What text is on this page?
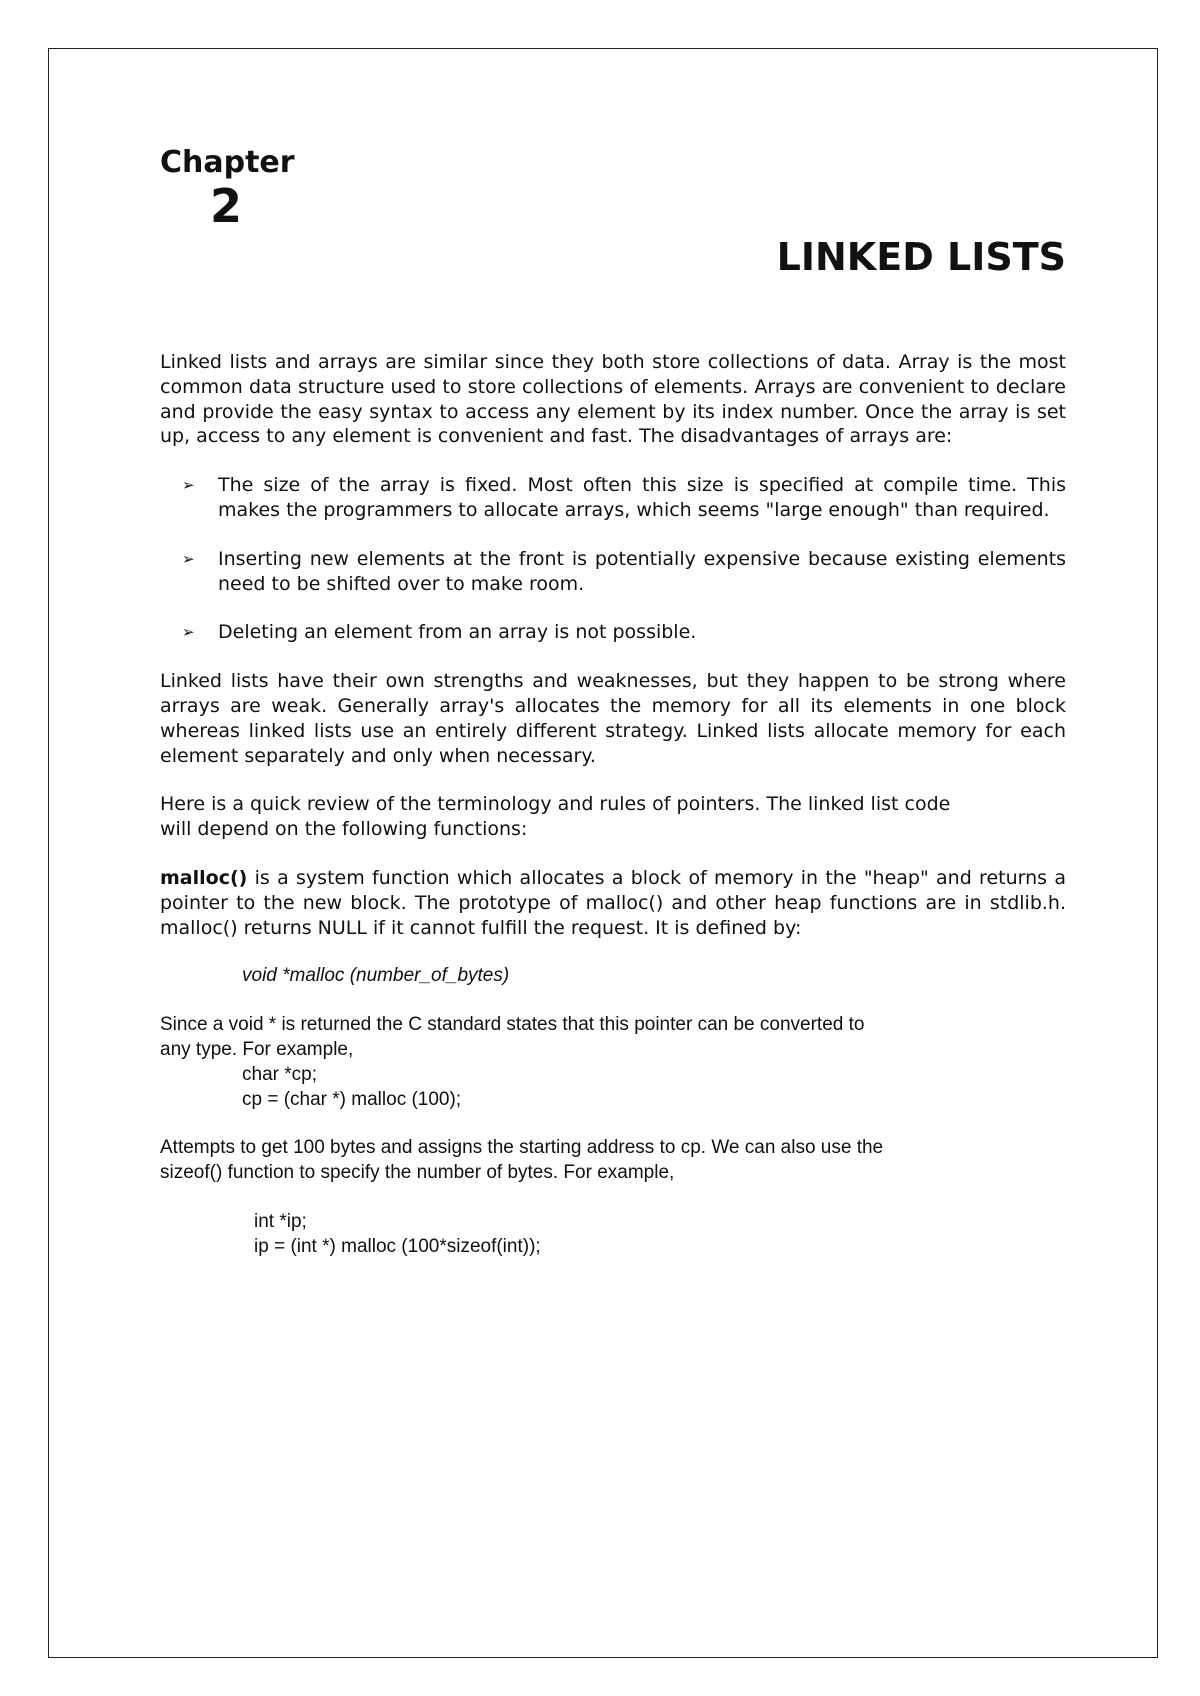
Chapter

2

LINKED LISTS

Linked lists and arrays are similar since they both store collections of data. Array is the most common data structure used to store collections of elements. Arrays are convenient to declare and provide the easy syntax to access any element by its index number. Once the array is set up, access to any element is convenient and fast. The disadvantages of arrays are:

➢ The size of the array is fixed. Most often this size is specified at compile time. This makes the programmers to allocate arrays, which seems "large enough" than required.
➢ Inserting new elements at the front is potentially expensive because existing elements need to be shifted over to make room.
➢ Deleting an element from an array is not possible.

Linked lists have their own strengths and weaknesses, but they happen to be strong where arrays are weak. Generally array's allocates the memory for all its elements in one block whereas linked lists use an entirely different strategy. Linked lists allocate memory for each element separately and only when necessary.

Here is a quick review of the terminology and rules of pointers. The linked list code

will depend on the following functions:

malloc() is a system function which allocates a block of memory in the "heap" and returns a pointer to the new block. The prototype of malloc() and other heap functions are in stdlib.h. malloc() returns NULL if it cannot fulfill the request. It is defined by:

void *malloc (number_of_bytes)

Since a void * is returned the C standard states that this pointer can be converted to

any type. For example,

char *cp;

cp = (char *) malloc (100);

Attempts to get 100 bytes and assigns the starting address to cp. We can also use the

sizeof() function to specify the number of bytes. For example,

int *ip;

ip = (int *) malloc (100*sizeof(int));
